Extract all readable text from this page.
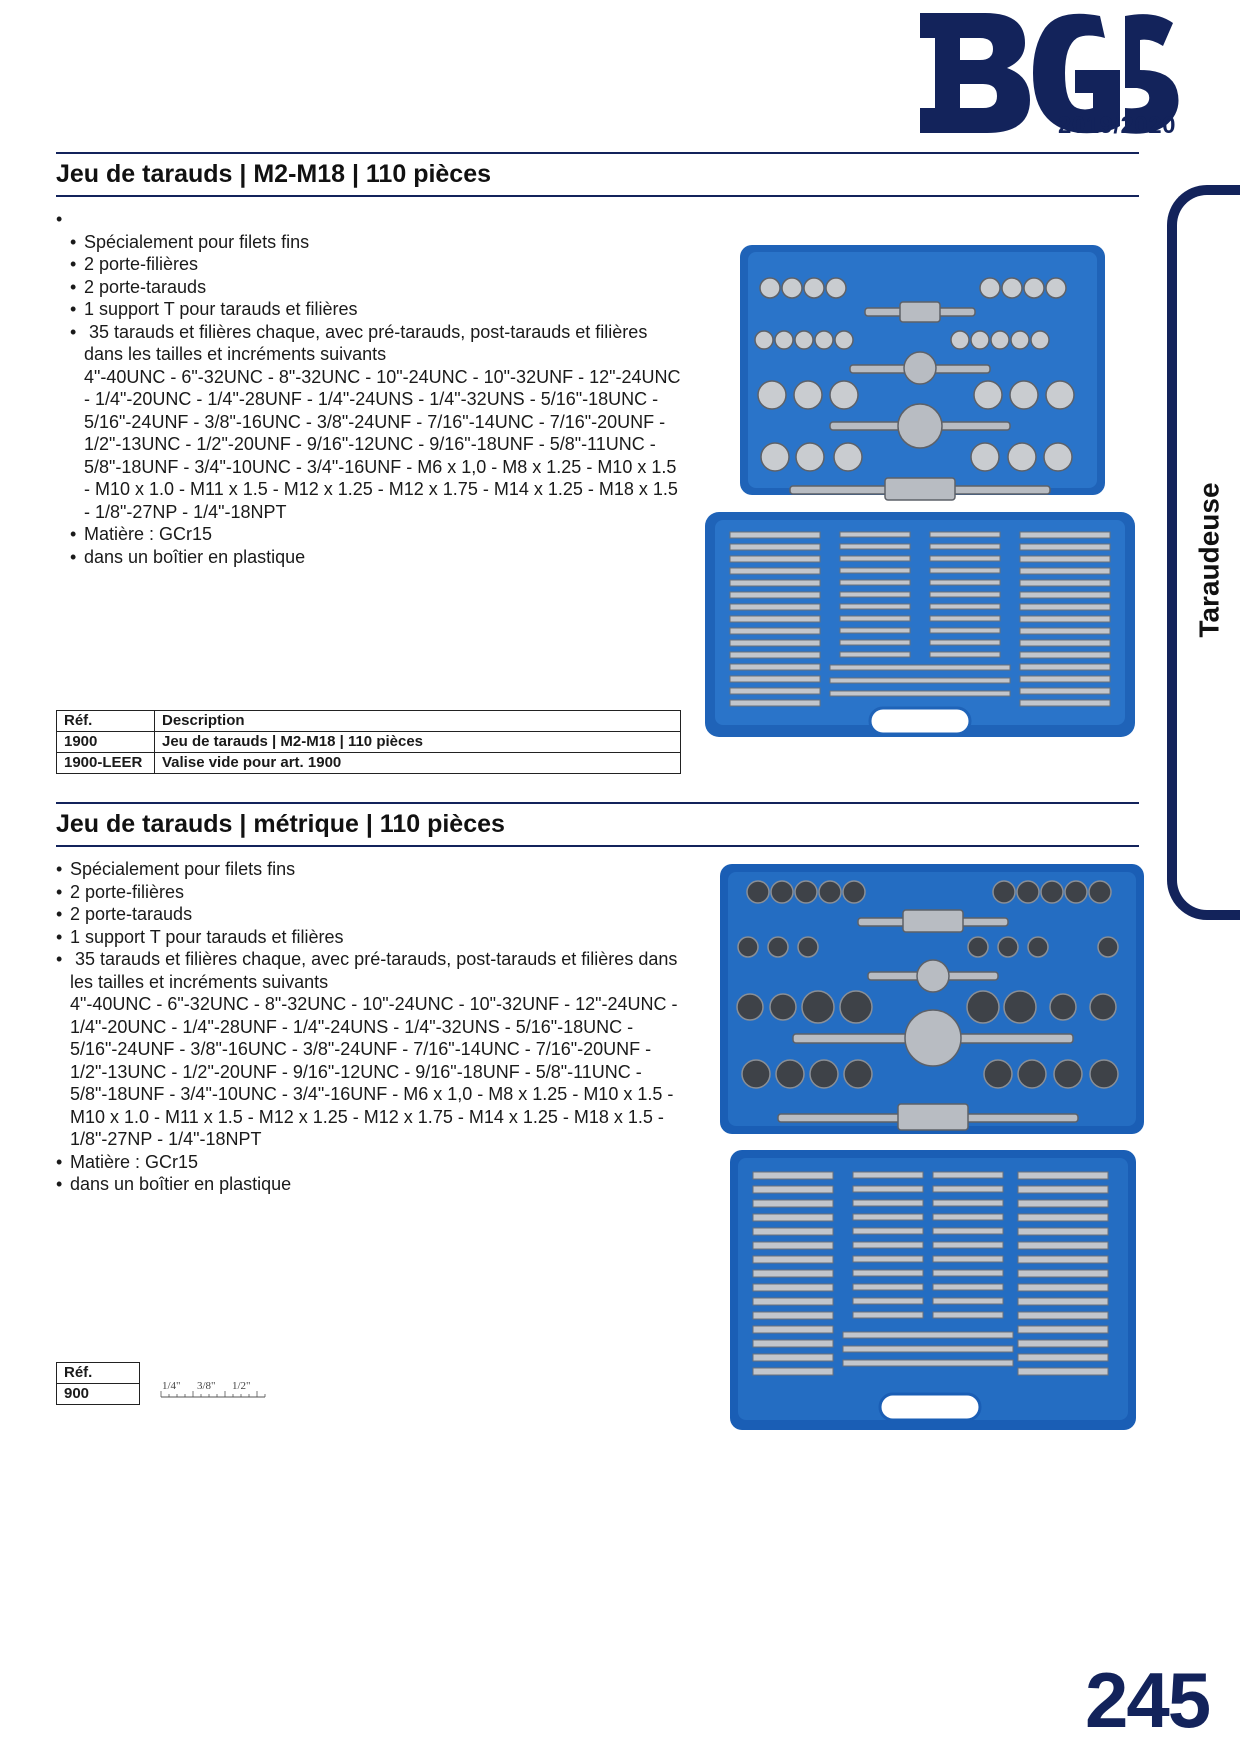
2019/2020
Taraudeuse
Jeu de tarauds | M2-M18 | 110 pièces
•
• Spécialement pour filets fins
• 2 porte-filières
• 2 porte-tarauds
• 1 support T pour tarauds et filières
• 35 tarauds et filières chaque, avec pré-tarauds, post-tarauds et filières dans les tailles et incréments suivants
4"-40UNC - 6"-32UNC - 8"-32UNC - 10"-24UNC - 10"-32UNF - 12"-24UNC - 1/4"-20UNC - 1/4"-28UNF - 1/4"-24UNS - 1/4"-32UNS - 5/16"-18UNC - 5/16"-24UNF - 3/8"-16UNC - 3/8"-24UNF - 7/16"-14UNC - 7/16"-20UNF - 1/2"-13UNC - 1/2"-20UNF - 9/16"-12UNC - 9/16"-18UNF - 5/8"-11UNC - 5/8"-18UNF - 3/4"-10UNC - 3/4"-16UNF - M6 x 1,0 - M8 x 1.25 - M10 x 1.5 - M10 x 1.0 - M11 x 1.5 - M12 x 1.25 - M12 x 1.75 - M14 x 1.25 - M18 x 1.5 - 1/8"-27NP - 1/4"-18NPT
• Matière : GCr15
• dans un boîtier en plastique
Réf.	Description
1900	Jeu de tarauds | M2-M18 | 110 pièces
1900-LEER	Valise vide pour art. 1900
Jeu de tarauds | métrique | 110 pièces
• Spécialement pour filets fins
• 2 porte-filières
• 2 porte-tarauds
• 1 support T pour tarauds et filières
• 35 tarauds et filières chaque, avec pré-tarauds, post-tarauds et filières dans les tailles et incréments suivants
4"-40UNC - 6"-32UNC - 8"-32UNC - 10"-24UNC - 10"-32UNF - 12"-24UNC - 1/4"-20UNC - 1/4"-28UNF - 1/4"-24UNS - 1/4"-32UNS - 5/16"-18UNC - 5/16"-24UNF - 3/8"-16UNC - 3/8"-24UNF - 7/16"-14UNC - 7/16"-20UNF - 1/2"-13UNC - 1/2"-20UNF - 9/16"-12UNC - 9/16"-18UNF - 5/8"-11UNC - 5/8"-18UNF - 3/4"-10UNC - 3/4"-16UNF - M6 x 1,0 - M8 x 1.25 - M10 x 1.5 - M10 x 1.0 - M11 x 1.5 - M12 x 1.25 - M12 x 1.75 - M14 x 1.25 - M18 x 1.5 - 1/8"-27NP - 1/4"-18NPT
• Matière : GCr15
• dans un boîtier en plastique
Réf.
900	1/4" 3/8" 1/2"
245
